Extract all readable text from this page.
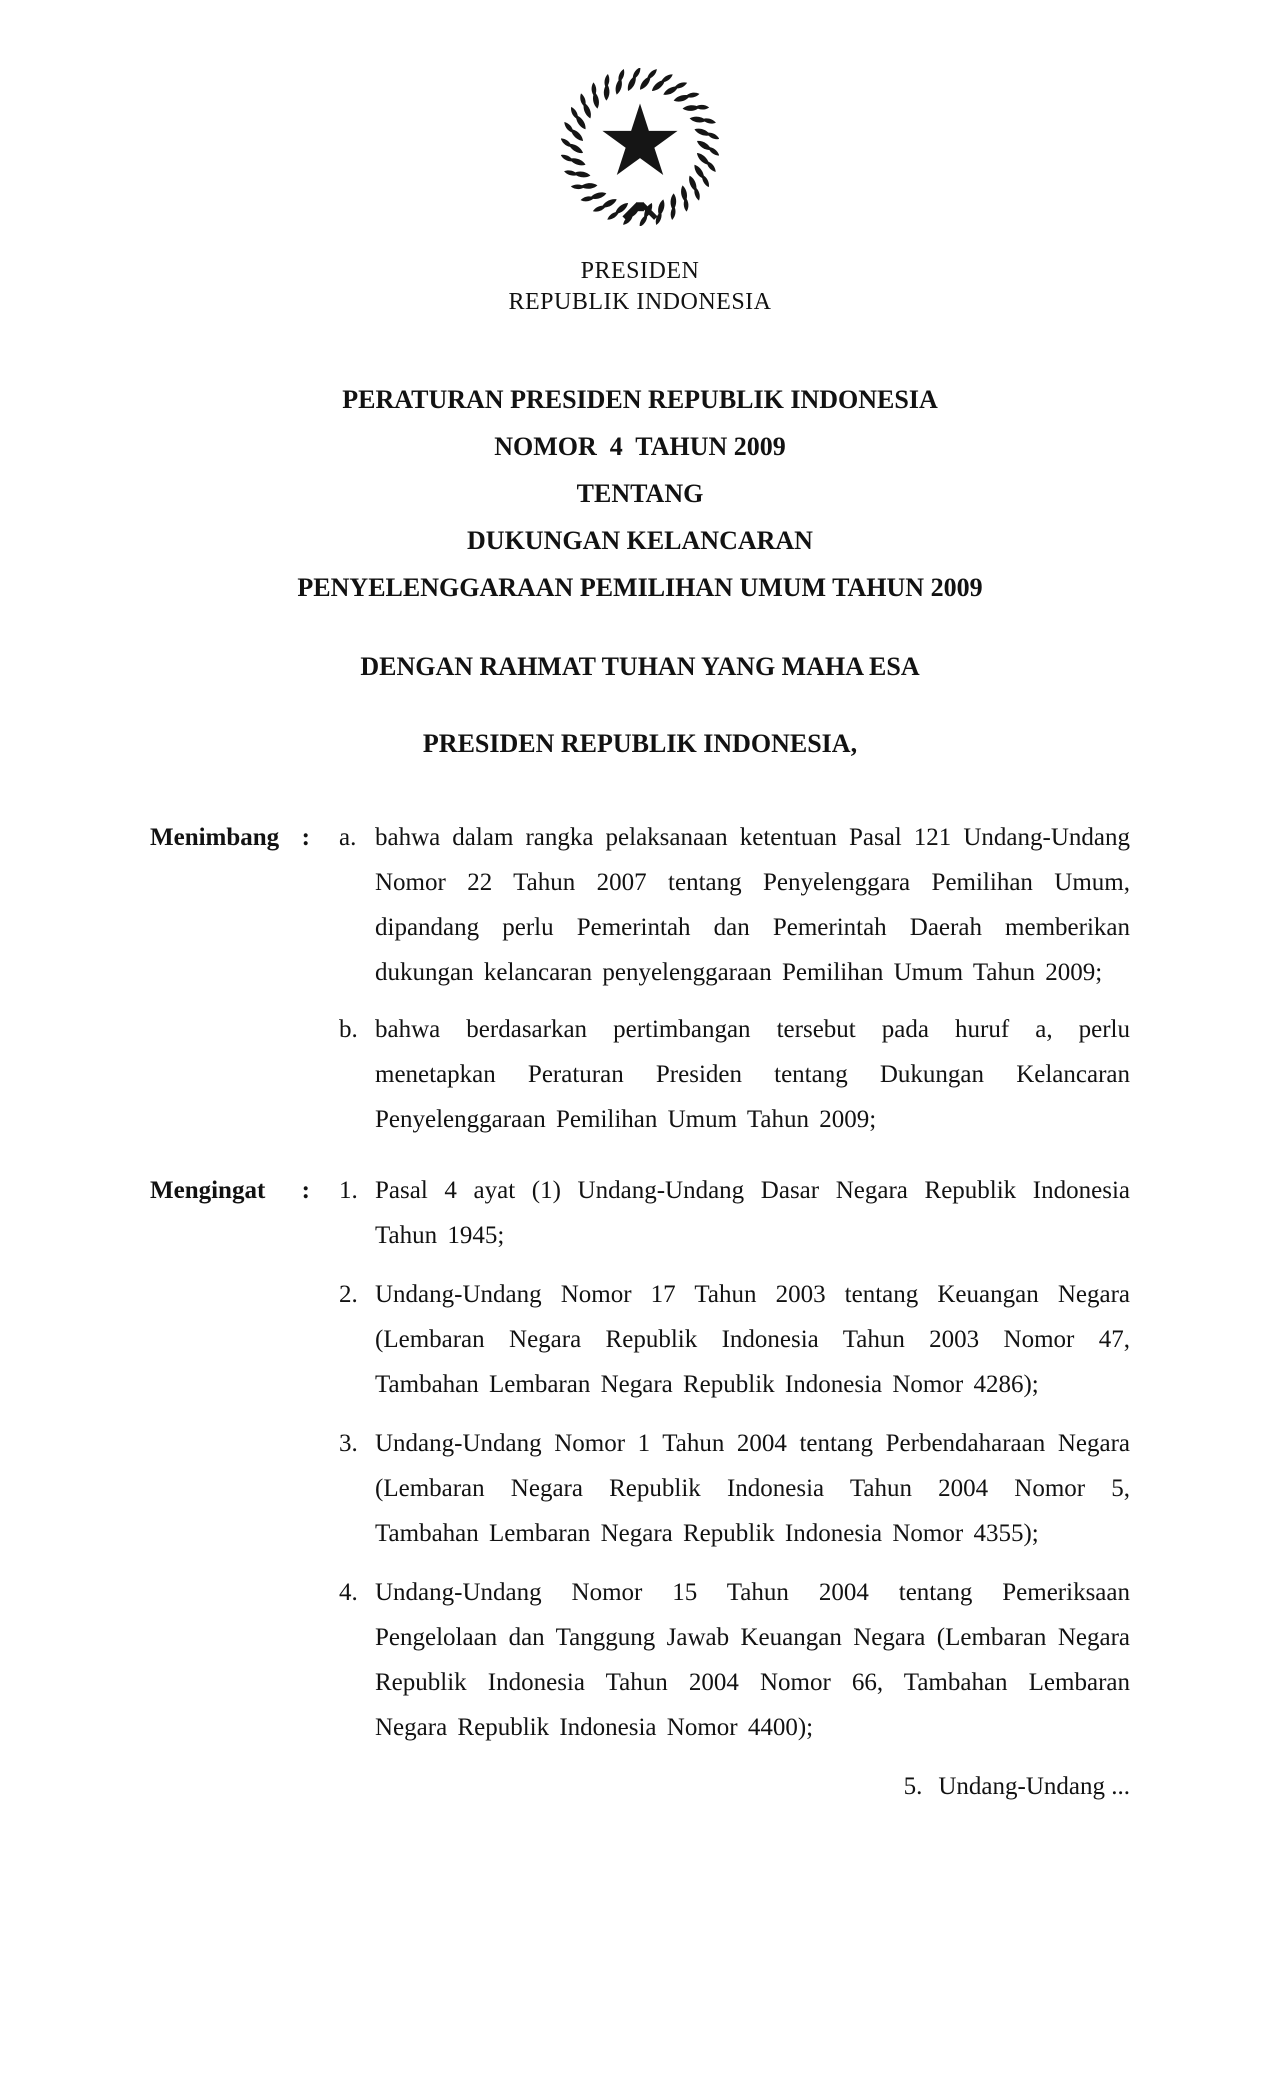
PRESIDEN
REPUBLIK INDONESIA
PERATURAN PRESIDEN REPUBLIK INDONESIA
NOMOR  4  TAHUN 2009
TENTANG
DUKUNGAN KELANCARAN
PENYELENGGARAAN PEMILIHAN UMUM TAHUN 2009
DENGAN RAHMAT TUHAN YANG MAHA ESA
PRESIDEN REPUBLIK INDONESIA,
Menimbang : a. bahwa dalam rangka pelaksanaan ketentuan Pasal 121 Undang-Undang Nomor 22 Tahun 2007 tentang Penyelenggara Pemilihan Umum, dipandang perlu Pemerintah dan Pemerintah Daerah memberikan dukungan kelancaran penyelenggaraan Pemilihan Umum Tahun 2009;
b. bahwa berdasarkan pertimbangan tersebut pada huruf a, perlu menetapkan Peraturan Presiden tentang Dukungan Kelancaran Penyelenggaraan Pemilihan Umum Tahun 2009;
Mengingat : 1. Pasal 4 ayat (1) Undang-Undang Dasar Negara Republik Indonesia Tahun 1945;
2. Undang-Undang Nomor 17 Tahun 2003 tentang Keuangan Negara (Lembaran Negara Republik Indonesia Tahun 2003 Nomor 47, Tambahan Lembaran Negara Republik Indonesia Nomor 4286);
3. Undang-Undang Nomor 1 Tahun 2004 tentang Perbendaharaan Negara (Lembaran Negara Republik Indonesia Tahun 2004 Nomor 5, Tambahan Lembaran Negara Republik Indonesia Nomor 4355);
4. Undang-Undang Nomor 15 Tahun 2004 tentang Pemeriksaan Pengelolaan dan Tanggung Jawab Keuangan Negara (Lembaran Negara Republik Indonesia Tahun 2004 Nomor 66, Tambahan Lembaran Negara Republik Indonesia Nomor 4400);
5. Undang-Undang ...
